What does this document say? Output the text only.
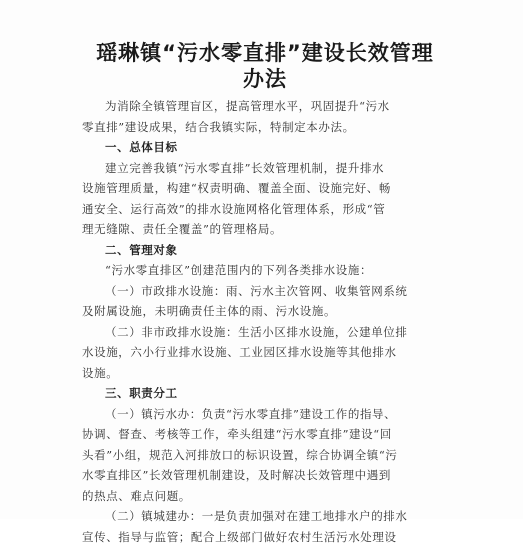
瑶琳镇“污水零直排”建设长效管理
办法
为消除全镇管理盲区，提高管理水平，巩固提升“污水
零直排”建设成果，结合我镇实际，特制定本办法。
一、总体目标
建立完善我镇“污水零直排”长效管理机制，提升排水
设施管理质量，构建“权责明确、覆盖全面、设施完好、畅
通安全、运行高效”的排水设施网格化管理体系，形成“管
理无缝隙、责任全覆盖”的管理格局。
二、管理对象
“污水零直排区”创建范围内的下列各类排水设施：
（一）市政排水设施：雨、污水主次管网、收集管网系统
及附属设施，未明确责任主体的雨、污水设施。
（二）非市政排水设施：生活小区排水设施，公建单位排
水设施，六小行业排水设施、工业园区排水设施等其他排水
设施。
三、职责分工
（一）镇污水办：负责“污水零直排”建设工作的指导、
协调、督查、考核等工作，牵头组建“污水零直排”建设“回
头看”小组，规范入河排放口的标识设置，综合协调全镇“污
水零直排区”长效管理机制建设，及时解决长效管理中遇到
的热点、难点问题。
（二）镇城建办：一是负责加强对在建工地排水户的排水
宣传、指导与监管；配合上级部门做好农村生活污水处理设
